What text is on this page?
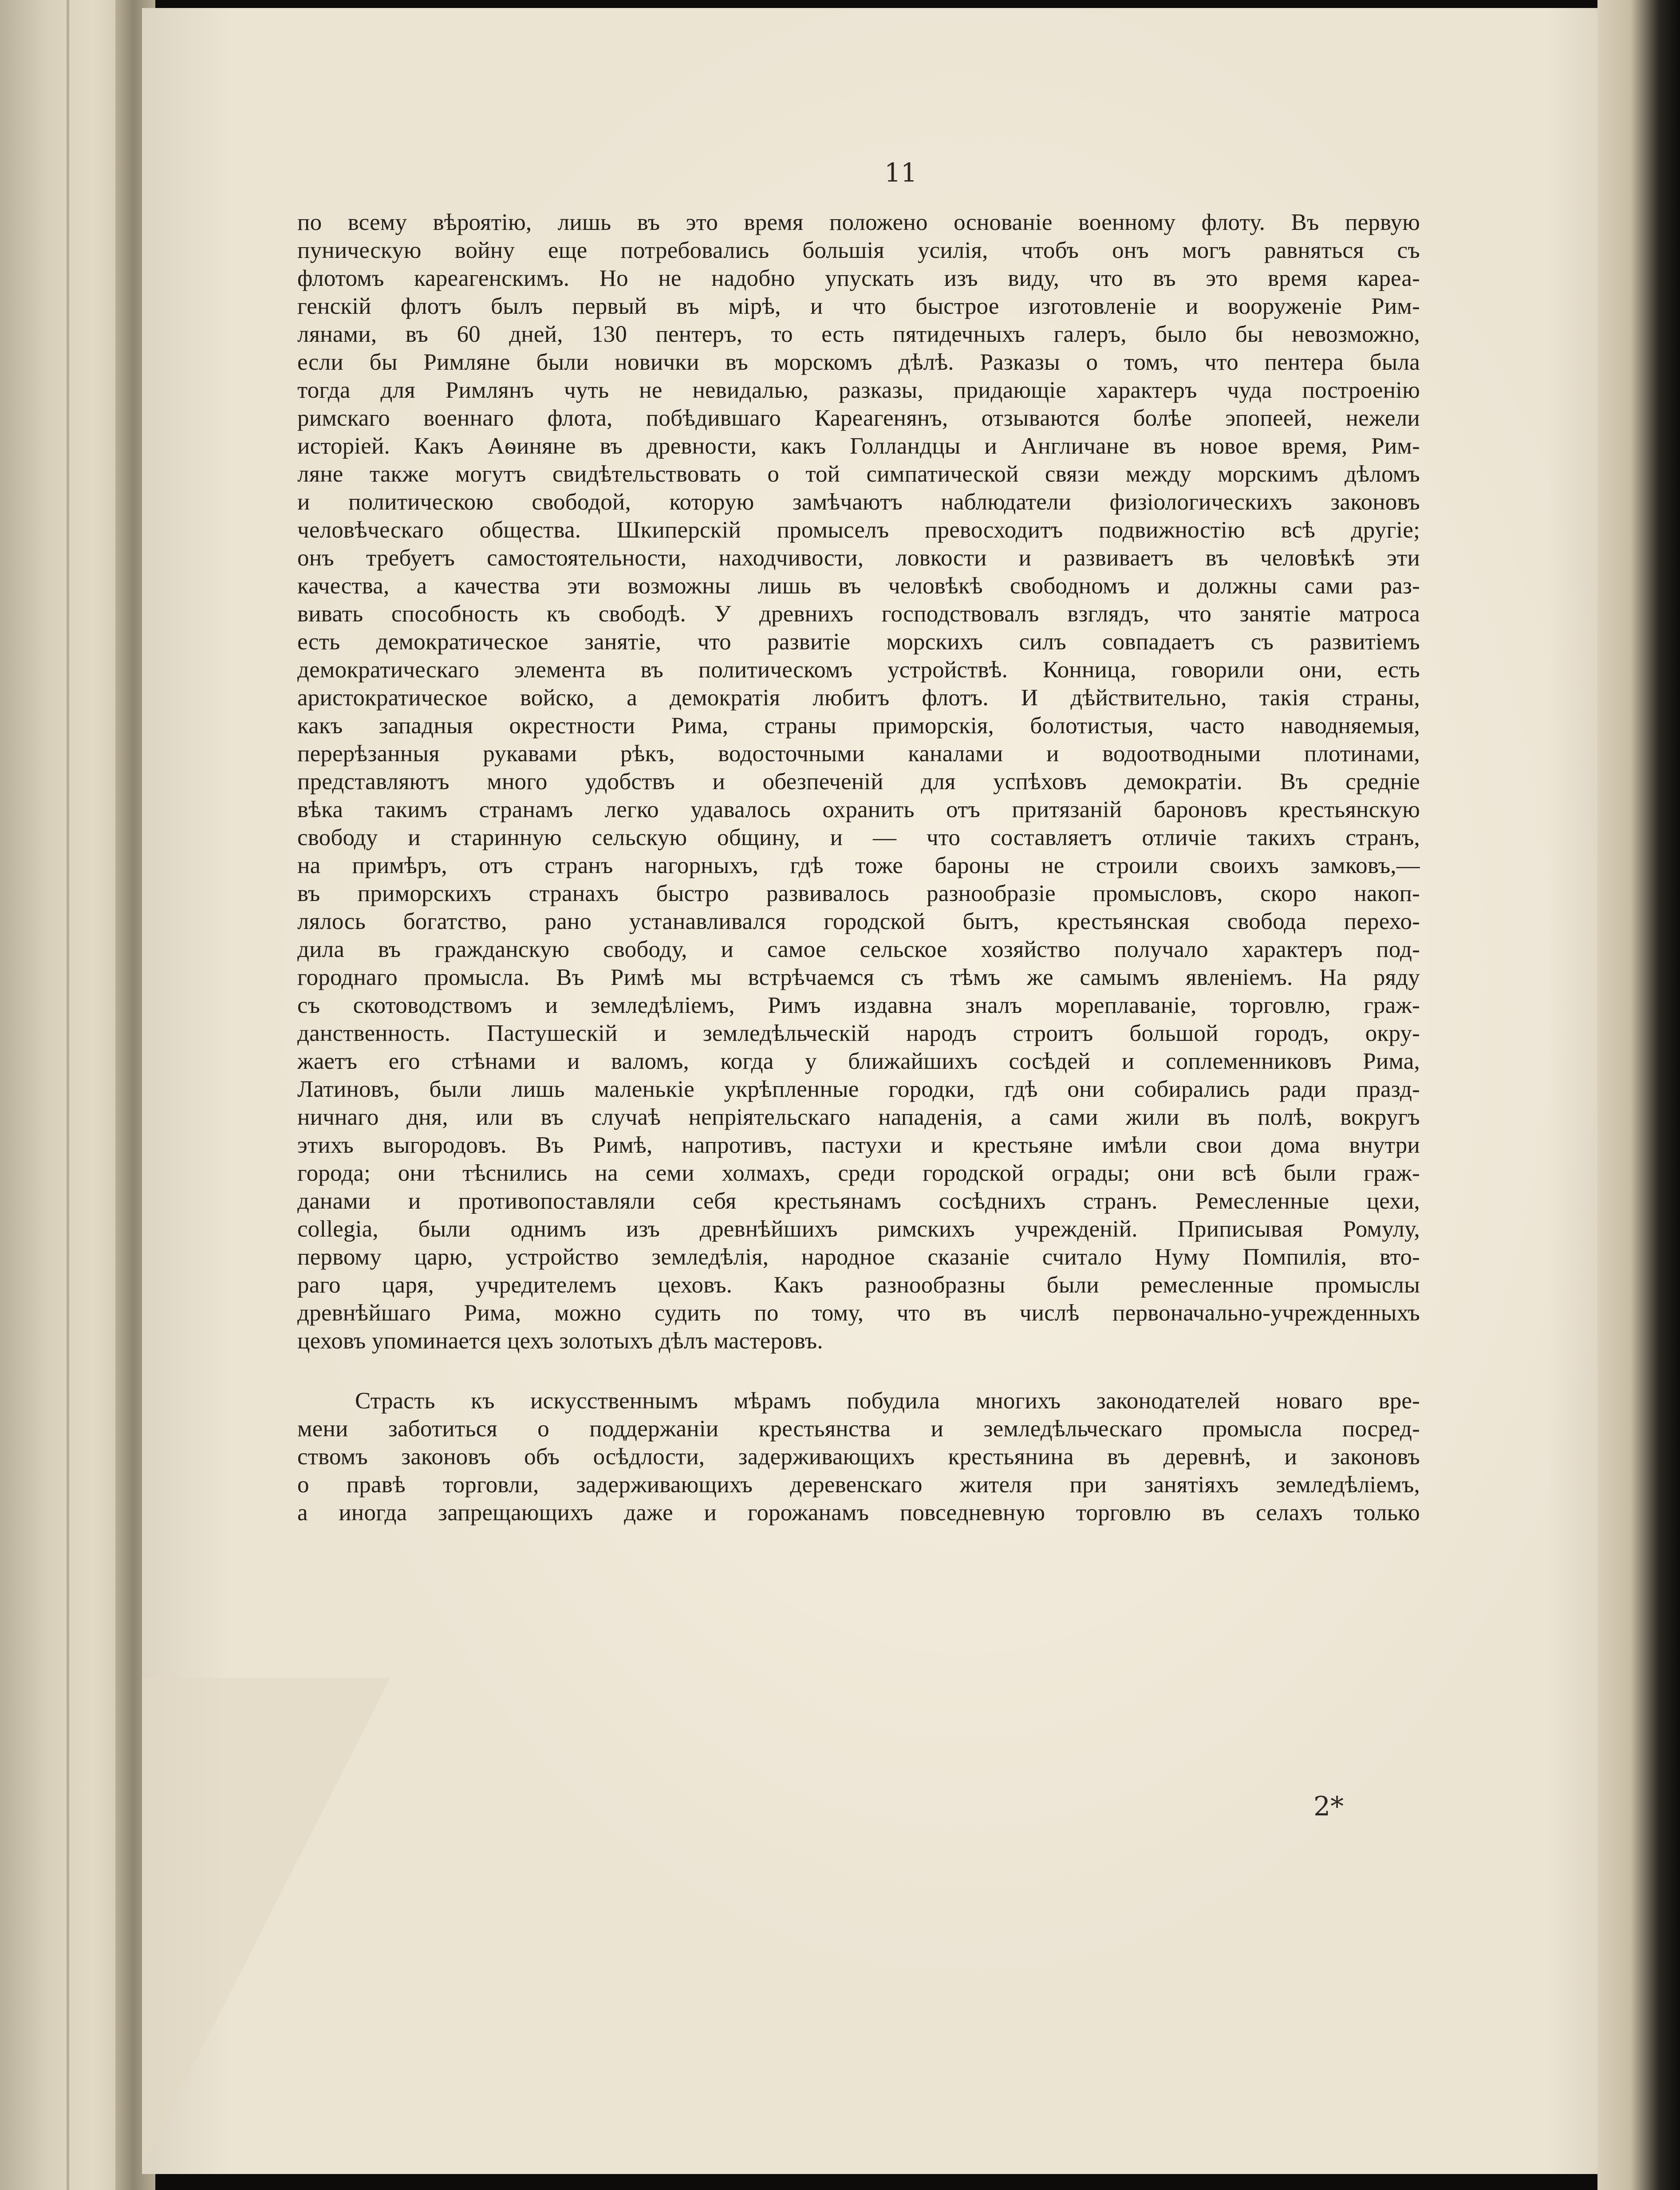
11
по всему вѣроятію, лишь въ это время положено основаніе военному флоту. Въ первую
пуническую войну еще потребовались большія усилія, чтобъ онъ могъ равняться съ
флотомъ кареагенскимъ. Но не надобно упускать изъ виду, что въ это время кареа-
генскій флотъ былъ первый въ мірѣ, и что быстрое изготовленіе и вооруженіе Рим-
лянами, въ 60 дней, 130 пентеръ, то есть пятидечныхъ галеръ, было бы невозможно,
если бы Римляне были новички въ морскомъ дѣлѣ. Разказы о томъ, что пентера была
тогда для Римлянъ чуть не невидалью, разказы, придающіе характеръ чуда построенію
римскаго военнаго флота, побѣдившаго Кареагенянъ, отзываются болѣе эпопеей, нежели
исторіей. Какъ Аѳиняне въ древности, какъ Голландцы и Англичане въ новое время, Рим-
ляне также могутъ свидѣтельствовать о той симпатической связи между морскимъ дѣломъ
и политическою свободой, которую замѣчаютъ наблюдатели физіологическихъ законовъ
человѣческаго общества. Шкиперскій промыселъ превосходитъ подвижностію всѣ другіе;
онъ требуетъ самостоятельности, находчивости, ловкости и развиваетъ въ человѣкѣ эти
качества, а качества эти возможны лишь въ человѣкѣ свободномъ и должны сами раз-
вивать способность къ свободѣ. У древнихъ господствовалъ взглядъ, что занятіе матроса
есть демократическое занятіе, что развитіе морскихъ силъ совпадаетъ съ развитіемъ
демократическаго элемента въ политическомъ устройствѣ. Конница, говорили они, есть
аристократическое войско, а демократія любитъ флотъ. И дѣйствительно, такія страны,
какъ западныя окрестности Рима, страны приморскія, болотистыя, часто наводняемыя,
перерѣзанныя рукавами рѣкъ, водосточными каналами и водоотводными плотинами,
представляютъ много удобствъ и обезпеченій для успѣховъ демократіи. Въ средніе
вѣка такимъ странамъ легко удавалось охранить отъ притязаній бароновъ крестьянскую
свободу и старинную сельскую общину, и — что составляетъ отличіе такихъ странъ,
на примѣръ, отъ странъ нагорныхъ, гдѣ тоже бароны не строили своихъ замковъ,—
въ приморскихъ странахъ быстро развивалось разнообразіе промысловъ, скоро накоп-
лялось богатство, рано устанавливался городской бытъ, крестьянская свобода перехо-
дила въ гражданскую свободу, и самое сельское хозяйство получало характеръ под-
городнаго промысла. Въ Римѣ мы встрѣчаемся съ тѣмъ же самымъ явленіемъ. На ряду
съ скотоводствомъ и земледѣліемъ, Римъ издавна зналъ мореплаваніе, торговлю, граж-
данственность. Пастушескій и земледѣльческій народъ строитъ большой городъ, окру-
жаетъ его стѣнами и валомъ, когда у ближайшихъ сосѣдей и соплеменниковъ Рима,
Латиновъ, были лишь маленькіе укрѣпленные городки, гдѣ они собирались ради празд-
ничнаго дня, или въ случаѣ непріятельскаго нападенія, а сами жили въ полѣ, вокругъ
этихъ выгородовъ. Въ Римѣ, напротивъ, пастухи и крестьяне имѣли свои дома внутри
города; они тѣснились на семи холмахъ, среди городской ограды; они всѣ были граж-
данами и противопоставляли себя крестьянамъ сосѣднихъ странъ. Ремесленные цехи,
collegia, были однимъ изъ древнѣйшихъ римскихъ учрежденій. Приписывая Ромулу,
первому царю, устройство земледѣлія, народное сказаніе считало Нуму Помпилія, вто-
раго царя, учредителемъ цеховъ. Какъ разнообразны были ремесленные промыслы
древнѣйшаго Рима, можно судить по тому, что въ числѣ первоначально-учрежденныхъ
цеховъ упоминается цехъ золотыхъ дѣлъ мастеровъ.
Страсть къ искусственнымъ мѣрамъ побудила многихъ законодателей новаго вре-
мени заботиться о поддержаніи крестьянства и земледѣльческаго промысла посред-
ствомъ законовъ объ осѣдлости, задерживающихъ крестьянина въ деревнѣ, и законовъ
о правѣ торговли, задерживающихъ деревенскаго жителя при занятіяхъ земледѣліемъ,
а иногда запрещающихъ даже и горожанамъ повседневную торговлю въ селахъ только
2*
